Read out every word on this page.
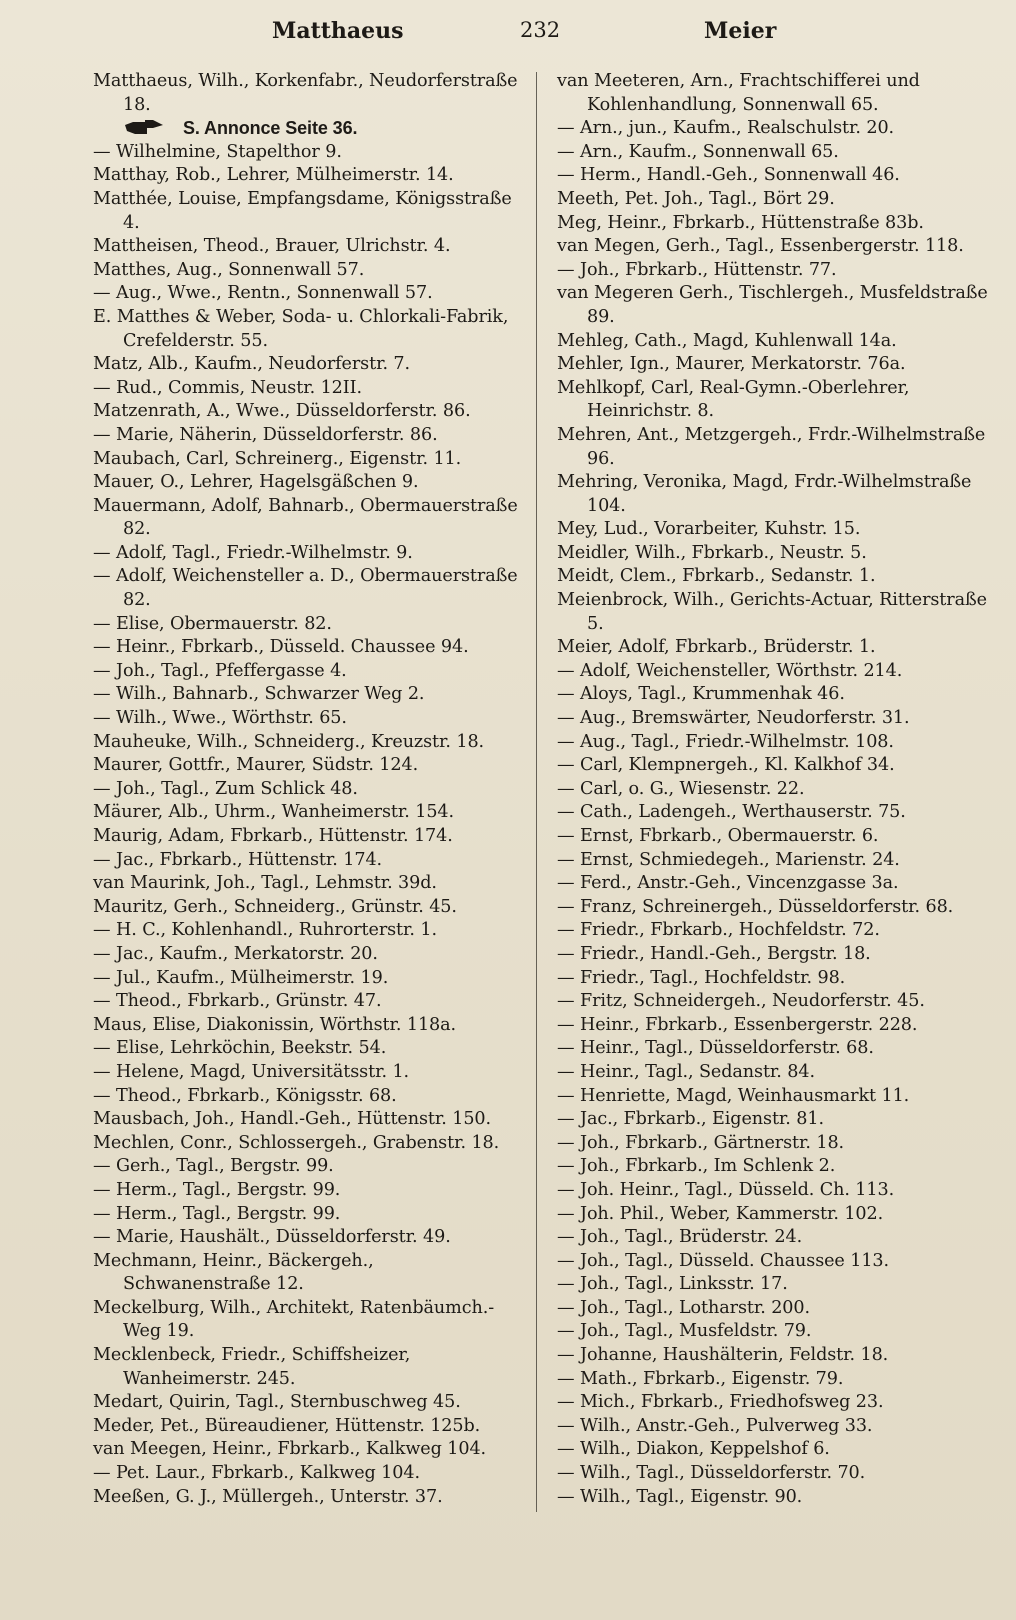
Matthaeus	232	Meier

Matthaeus, Wilh., Korkenfabr., Neudorferstraße 18.

S. Annonce Seite 36.

— Wilhelmine, Stapelthor 9.

Matthay, Rob., Lehrer, Mülheimerstr. 14.

Matthée, Louise, Empfangsdame, Königsstraße 4.

Mattheisen, Theod., Brauer, Ulrichstr. 4.

Matthes, Aug., Sonnenwall 57.

— Aug., Wwe., Rentn., Sonnenwall 57.

E. Matthes & Weber, Soda- u. Chlorkali-Fabrik, Crefelderstr. 55.

Matz, Alb., Kaufm., Neudorferstr. 7.

— Rud., Commis, Neustr. 12II.

Matzenrath, A., Wwe., Düsseldorferstr. 86.

— Marie, Näherin, Düsseldorferstr. 86.

Maubach, Carl, Schreinerg., Eigenstr. 11.

Mauer, O., Lehrer, Hagelsgäßchen 9.

Mauermann, Adolf, Bahnarb., Obermauerstraße 82.

— Adolf, Tagl., Friedr.-Wilhelmstr. 9.

— Adolf, Weichensteller a. D., Obermauerstraße 82.

— Elise, Obermauerstr. 82.

— Heinr., Fbrkarb., Düsseld. Chaussee 94.

— Joh., Tagl., Pfeffergasse 4.

— Wilh., Bahnarb., Schwarzer Weg 2.

— Wilh., Wwe., Wörthstr. 65.

Mauheuke, Wilh., Schneiderg., Kreuzstr. 18.

Maurer, Gottfr., Maurer, Südstr. 124.

— Joh., Tagl., Zum Schlick 48.

Mäurer, Alb., Uhrm., Wanheimerstr. 154.

Maurig, Adam, Fbrkarb., Hüttenstr. 174.

— Jac., Fbrkarb., Hüttenstr. 174.

van Maurink, Joh., Tagl., Lehmstr. 39d.

Mauritz, Gerh., Schneiderg., Grünstr. 45.

— H. C., Kohlenhandl., Ruhrorterstr. 1.

— Jac., Kaufm., Merkatorstr. 20.

— Jul., Kaufm., Mülheimerstr. 19.

— Theod., Fbrkarb., Grünstr. 47.

Maus, Elise, Diakonissin, Wörthstr. 118a.

— Elise, Lehrköchin, Beekstr. 54.

— Helene, Magd, Universitätsstr. 1.

— Theod., Fbrkarb., Königsstr. 68.

Mausbach, Joh., Handl.-Geh., Hüttenstr. 150.

Mechlen, Conr., Schlossergeh., Grabenstr. 18.

— Gerh., Tagl., Bergstr. 99.

— Herm., Tagl., Bergstr. 99.

— Herm., Tagl., Bergstr. 99.

— Marie, Haushält., Düsseldorferstr. 49.

Mechmann, Heinr., Bäckergeh., Schwanenstraße 12.

Meckelburg, Wilh., Architekt, Ratenbäumch.-Weg 19.

Mecklenbeck, Friedr., Schiffsheizer, Wanheimerstr. 245.

Medart, Quirin, Tagl., Sternbuschweg 45.

Meder, Pet., Büreaudiener, Hüttenstr. 125b.

van Meegen, Heinr., Fbrkarb., Kalkweg 104.

— Pet. Laur., Fbrkarb., Kalkweg 104.

Meeßen, G. J., Müllergeh., Unterstr. 37.

van Meeteren, Arn., Frachtschifferei und Kohlenhandlung, Sonnenwall 65.

— Arn., jun., Kaufm., Realschulstr. 20.

— Arn., Kaufm., Sonnenwall 65.

— Herm., Handl.-Geh., Sonnenwall 46.

Meeth, Pet. Joh., Tagl., Bört 29.

Meg, Heinr., Fbrkarb., Hüttenstraße 83b.

van Megen, Gerh., Tagl., Essenbergerstr. 118.

— Joh., Fbrkarb., Hüttenstr. 77.

van Megeren Gerh., Tischlergeh., Musfeldstraße 89.

Mehleg, Cath., Magd, Kuhlenwall 14a.

Mehler, Ign., Maurer, Merkatorstr. 76a.

Mehlkopf, Carl, Real-Gymn.-Oberlehrer, Heinrichstr. 8.

Mehren, Ant., Metzgergeh., Frdr.-Wilhelmstraße 96.

Mehring, Veronika, Magd, Frdr.-Wilhelmstraße 104.

Mey, Lud., Vorarbeiter, Kuhstr. 15.

Meidler, Wilh., Fbrkarb., Neustr. 5.

Meidt, Clem., Fbrkarb., Sedanstr. 1.

Meienbrock, Wilh., Gerichts-Actuar, Ritterstraße 5.

Meier, Adolf, Fbrkarb., Brüderstr. 1.

— Adolf, Weichensteller, Wörthstr. 214.

— Aloys, Tagl., Krummenhak 46.

— Aug., Bremswärter, Neudorferstr. 31.

— Aug., Tagl., Friedr.-Wilhelmstr. 108.

— Carl, Klempnergeh., Kl. Kalkhof 34.

— Carl, o. G., Wiesenstr. 22.

— Cath., Ladengeh., Werthauserstr. 75.

— Ernst, Fbrkarb., Obermauerstr. 6.

— Ernst, Schmiedegeh., Marienstr. 24.

— Ferd., Anstr.-Geh., Vincenzgasse 3a.

— Franz, Schreinergeh., Düsseldorferstr. 68.

— Friedr., Fbrkarb., Hochfeldstr. 72.

— Friedr., Handl.-Geh., Bergstr. 18.

— Friedr., Tagl., Hochfeldstr. 98.

— Fritz, Schneidergeh., Neudorferstr. 45.

— Heinr., Fbrkarb., Essenbergerstr. 228.

— Heinr., Tagl., Düsseldorferstr. 68.

— Heinr., Tagl., Sedanstr. 84.

— Henriette, Magd, Weinhausmarkt 11.

— Jac., Fbrkarb., Eigenstr. 81.

— Joh., Fbrkarb., Gärtnerstr. 18.

— Joh., Fbrkarb., Im Schlenk 2.

— Joh. Heinr., Tagl., Düsseld. Ch. 113.

— Joh. Phil., Weber, Kammerstr. 102.

— Joh., Tagl., Brüderstr. 24.

— Joh., Tagl., Düsseld. Chaussee 113.

— Joh., Tagl., Linksstr. 17.

— Joh., Tagl., Lotharstr. 200.

— Joh., Tagl., Musfeldstr. 79.

— Johanne, Haushälterin, Feldstr. 18.

— Math., Fbrkarb., Eigenstr. 79.

— Mich., Fbrkarb., Friedhofsweg 23.

— Wilh., Anstr.-Geh., Pulverweg 33.

— Wilh., Diakon, Keppelshof 6.

— Wilh., Tagl., Düsseldorferstr. 70.

— Wilh., Tagl., Eigenstr. 90.
